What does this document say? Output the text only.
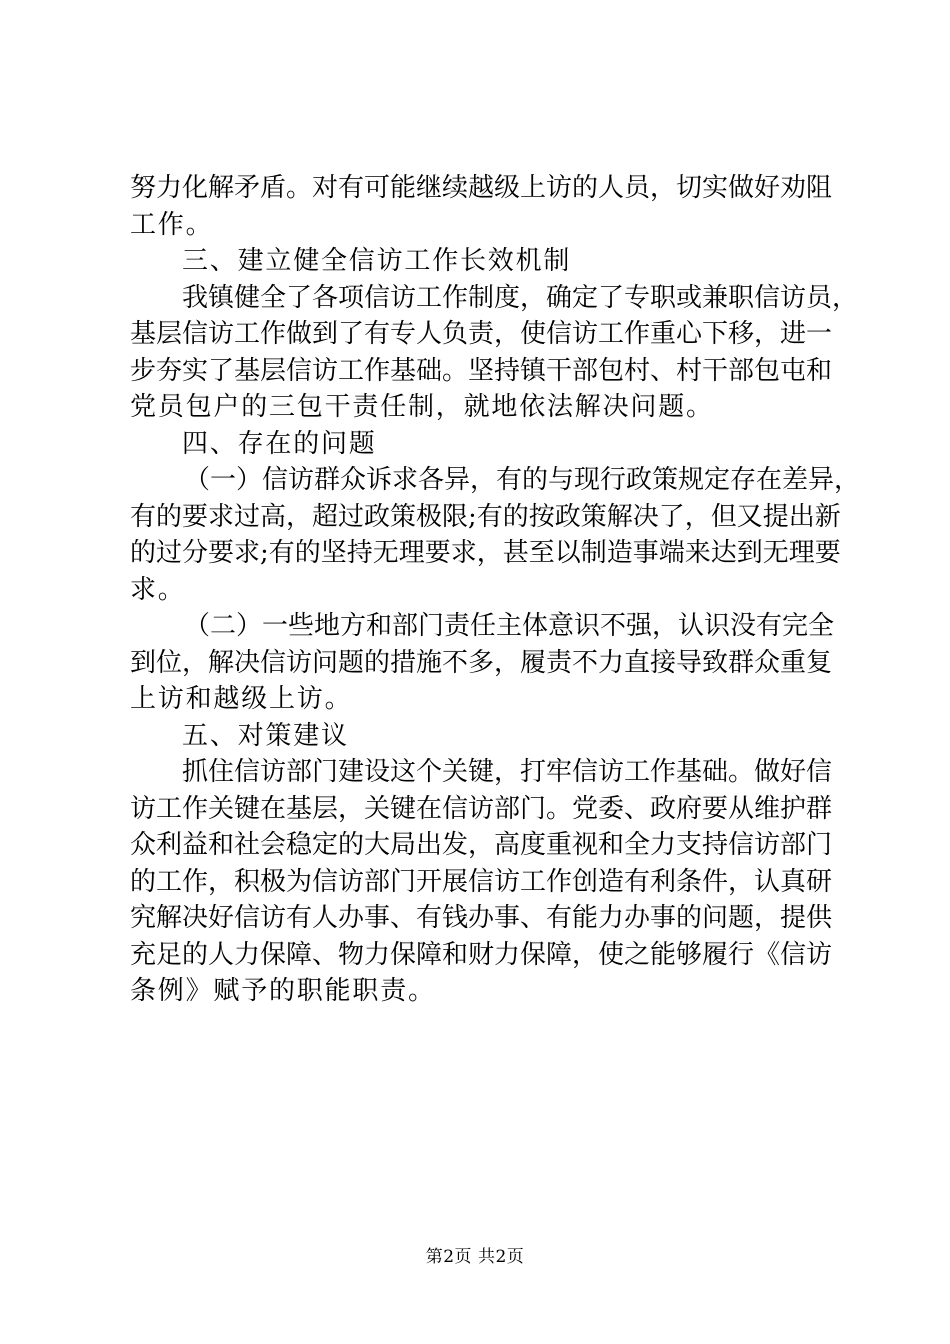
努力化解矛盾。对有可能继续越级上访的人员，切实做好劝阻
工作。
三、建立健全信访工作长效机制
我镇健全了各项信访工作制度，确定了专职或兼职信访员，
基层信访工作做到了有专人负责，使信访工作重心下移，进一
步夯实了基层信访工作基础。坚持镇干部包村、村干部包屯和
党员包户的三包干责任制，就地依法解决问题。
四、存在的问题
（一）信访群众诉求各异，有的与现行政策规定存在差异，
有的要求过高，超过政策极限;有的按政策解决了，但又提出新
的过分要求;有的坚持无理要求，甚至以制造事端来达到无理要
求。
（二）一些地方和部门责任主体意识不强，认识没有完全
到位，解决信访问题的措施不多，履责不力直接导致群众重复
上访和越级上访。
五、对策建议
抓住信访部门建设这个关键，打牢信访工作基础。做好信
访工作关键在基层，关键在信访部门。党委、政府要从维护群
众利益和社会稳定的大局出发，高度重视和全力支持信访部门
的工作，积极为信访部门开展信访工作创造有利条件，认真研
究解决好信访有人办事、有钱办事、有能力办事的问题，提供
充足的人力保障、物力保障和财力保障，使之能够履行《信访
条例》赋予的职能职责。
第2页 共2页
